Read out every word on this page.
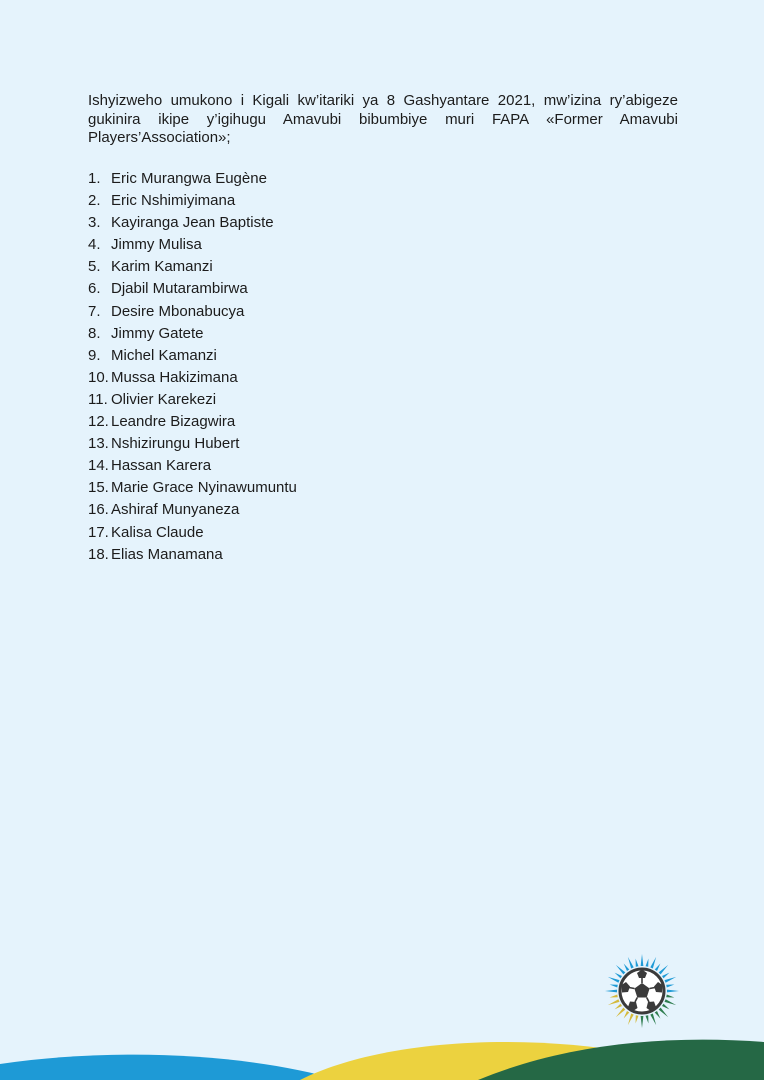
Ishyizweho umukono i Kigali kw’itariki ya 8 Gashyantare 2021, mw’izina ry’abigeze gukinira ikipe y’igihugu Amavubi bibumbiye muri FAPA «Former Amavubi Players’Association»;

1. Eric Murangwa Eugène
2. Eric Nshimiyimana
3. Kayiranga Jean Baptiste
4. Jimmy Mulisa
5. Karim Kamanzi
6. Djabil Mutarambirwa
7. Desire Mbonabucya
8. Jimmy Gatete
9. Michel Kamanzi
10. Mussa Hakizimana
11. Olivier Karekezi
12. Leandre Bizagwira
13. Nshizirungu Hubert
14. Hassan Karera
15. Marie Grace Nyinawumuntu
16. Ashiraf Munyaneza
17. Kalisa Claude
18. Elias Manamana
